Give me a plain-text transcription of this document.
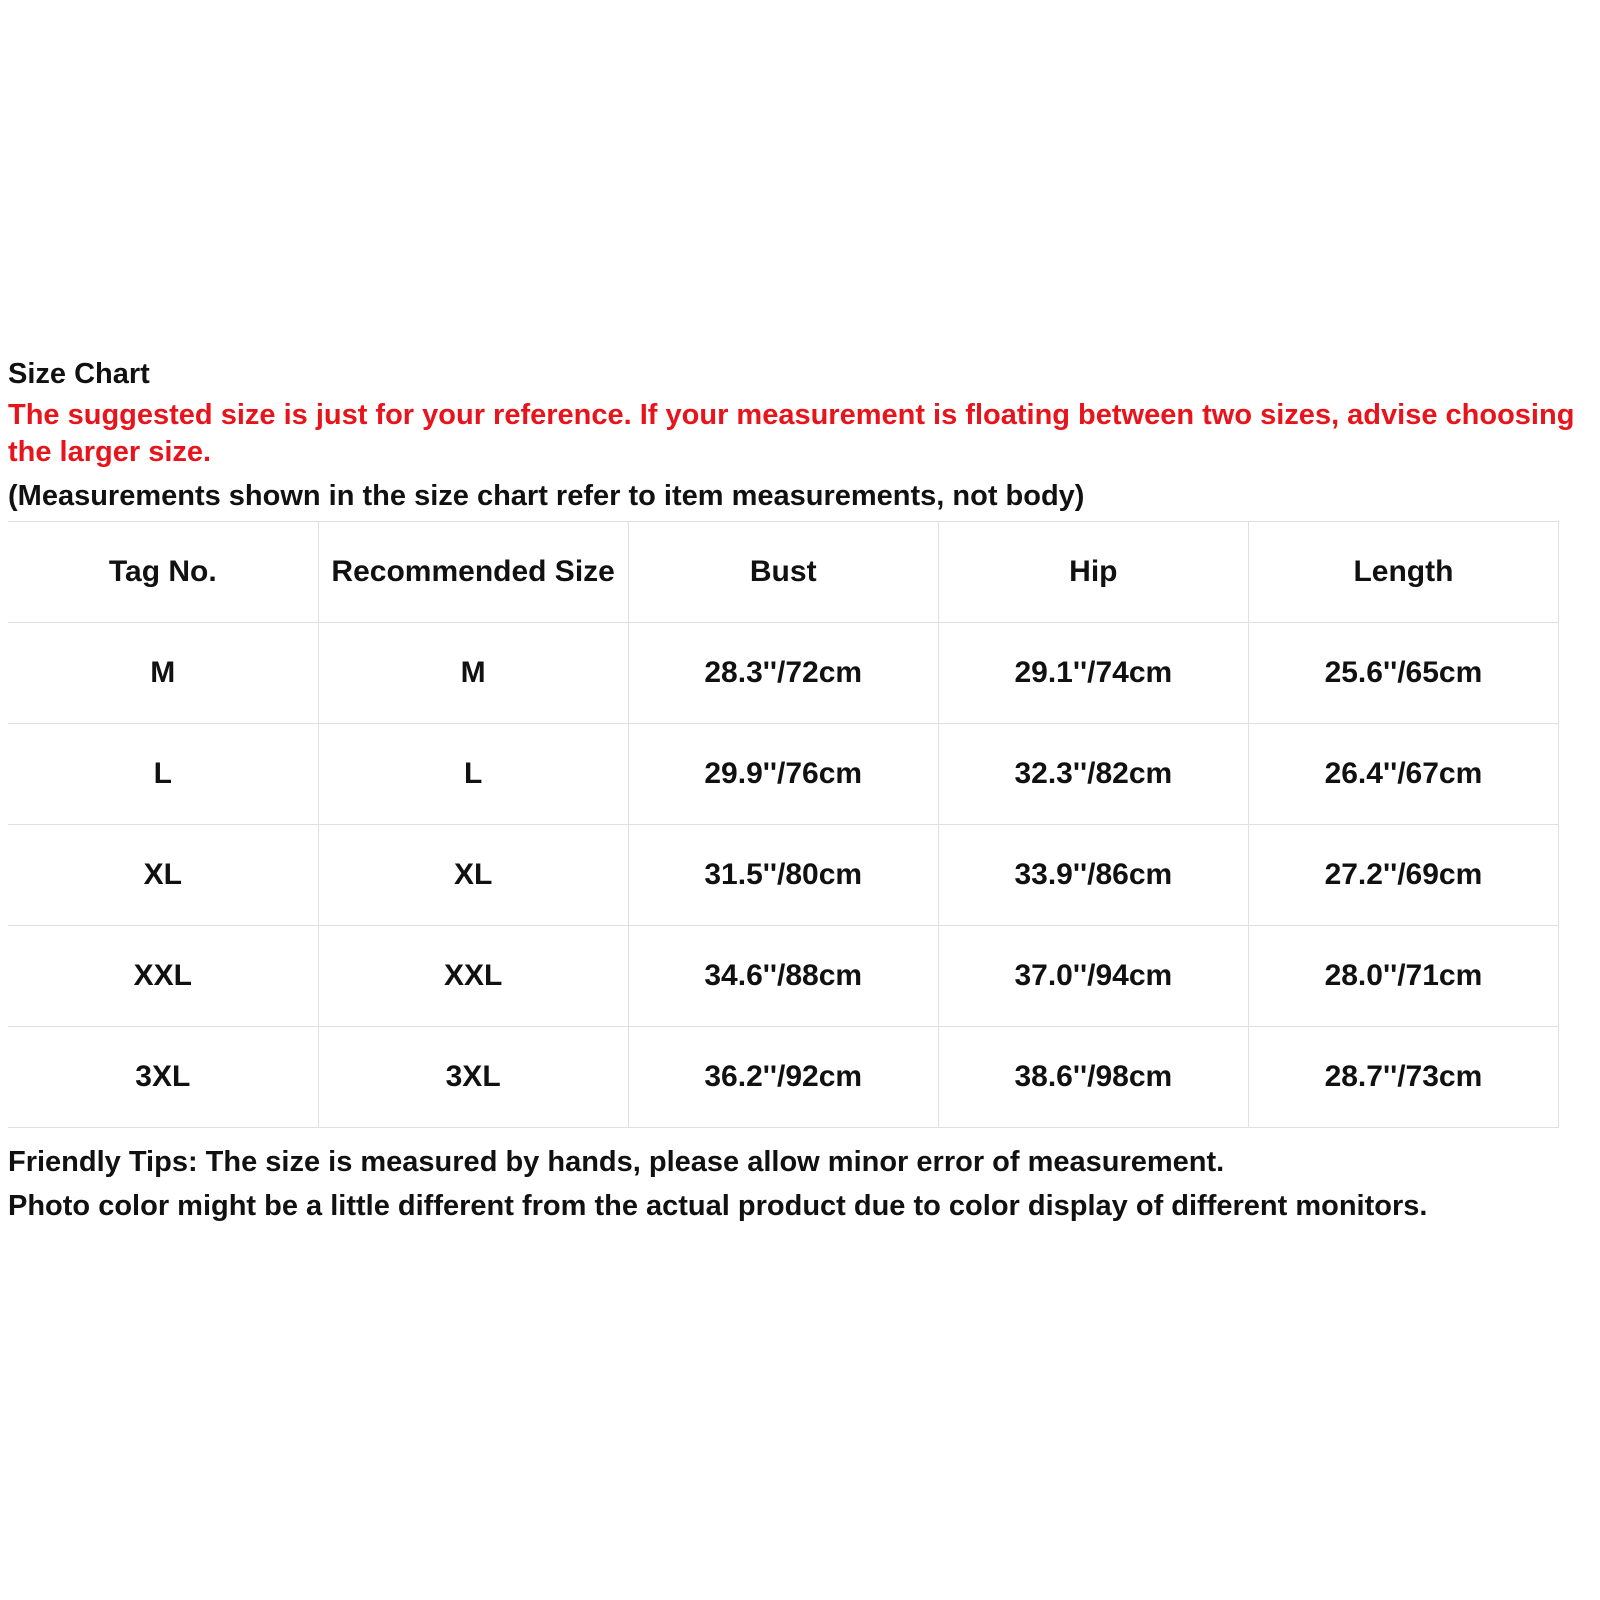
Size Chart
The suggested size is just for your reference. If your measurement is floating between two sizes, advise choosing the larger size.
(Measurements shown in the size chart refer to item measurements, not body)
Tag No.	Recommended Size	Bust	Hip	Length
M	M	28.3''/72cm	29.1''/74cm	25.6''/65cm
L	L	29.9''/76cm	32.3''/82cm	26.4''/67cm
XL	XL	31.5''/80cm	33.9''/86cm	27.2''/69cm
XXL	XXL	34.6''/88cm	37.0''/94cm	28.0''/71cm
3XL	3XL	36.2''/92cm	38.6''/98cm	28.7''/73cm
Friendly Tips: The size is measured by hands, please allow minor error of measurement.
Photo color might be a little different from the actual product due to color display of different monitors.
